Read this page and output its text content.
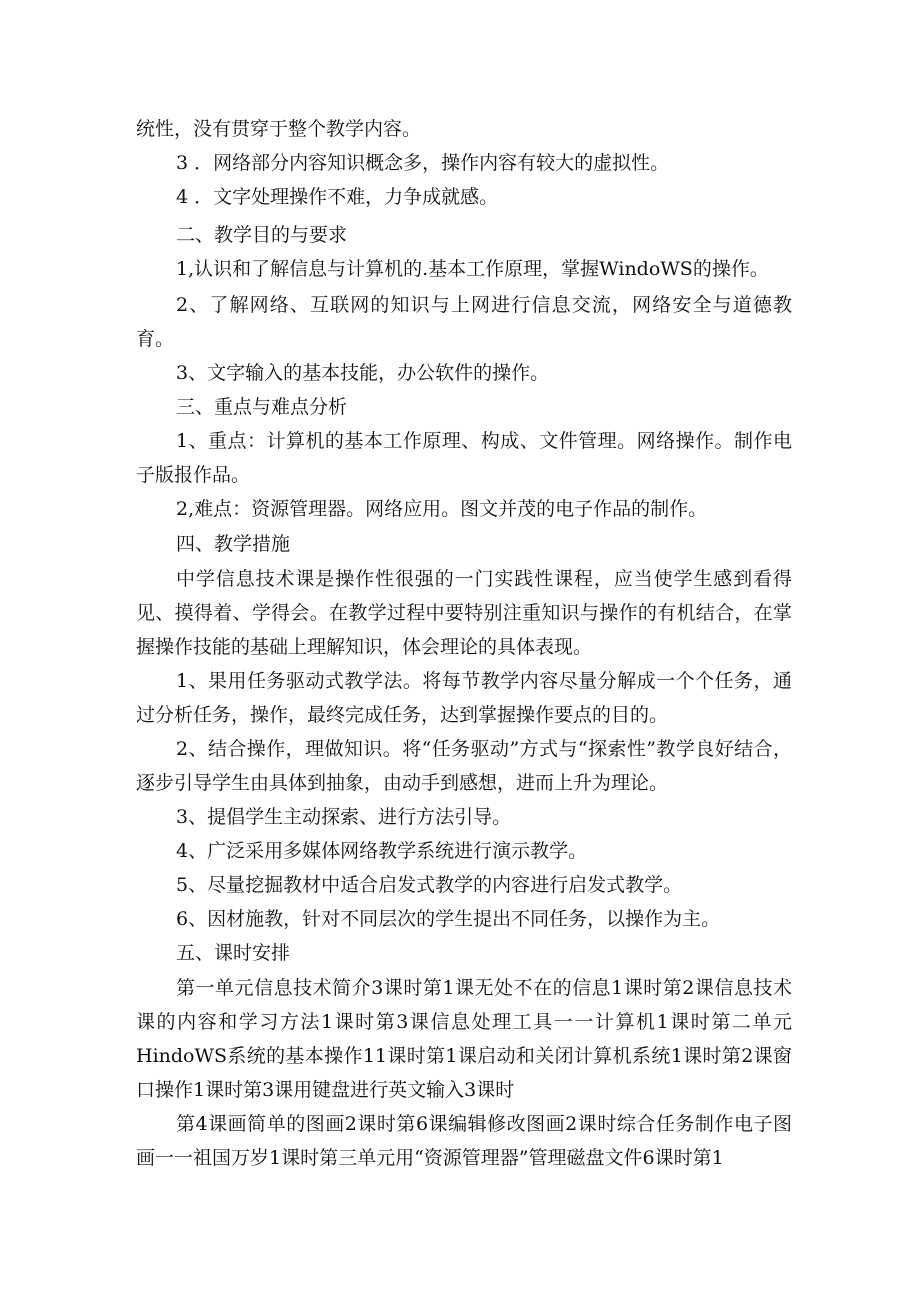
统性，没有贯穿于整个教学内容。

3 ．网络部分内容知识概念多，操作内容有较大的虚拟性。

4 ．文字处理操作不难，力争成就感。

二、教学目的与要求

1,认识和了解信息与计算机的.基本工作原理，掌握WindoWS的操作。

2、了解网络、互联网的知识与上网进行信息交流，网络安全与道德教育。

3、文字输入的基本技能，办公软件的操作。

三、重点与难点分析

1、重点：计算机的基本工作原理、构成、文件管理。网络操作。制作电子版报作品。

2,难点：资源管理器。网络应用。图文并茂的电子作品的制作。

四、教学措施

中学信息技术课是操作性很强的一门实践性课程，应当使学生感到看得见、摸得着、学得会。在教学过程中要特别注重知识与操作的有机结合，在掌握操作技能的基础上理解知识，体会理论的具体表现。

1、果用任务驱动式教学法。将每节教学内容尽量分解成一个个任务，通过分析任务，操作，最终完成任务，达到掌握操作要点的目的。

2、结合操作，理做知识。将“任务驱动”方式与“探索性”教学良好结合，逐步引导学生由具体到抽象，由动手到感想，进而上升为理论。

3、提倡学生主动探索、进行方法引导。

4、广泛采用多媒体网络教学系统进行演示教学。

5、尽量挖掘教材中适合启发式教学的内容进行启发式教学。

6、因材施教，针对不同层次的学生提出不同任务，以操作为主。

五、课时安排

第一单元信息技术简介3课时第1课无处不在的信息1课时第2课信息技术课的内容和学习方法1课时第3课信息处理工具一一计算机1课时第二单元HindoWS系统的基本操作11课时第1课启动和关闭计算机系统1课时第2课窗口操作1课时第3课用键盘进行英文输入3课时

第4课画简单的图画2课时第6课编辑修改图画2课时综合任务制作电子图画一一祖国万岁1课时第三单元用“资源管理器”管理磁盘文件6课时第1
